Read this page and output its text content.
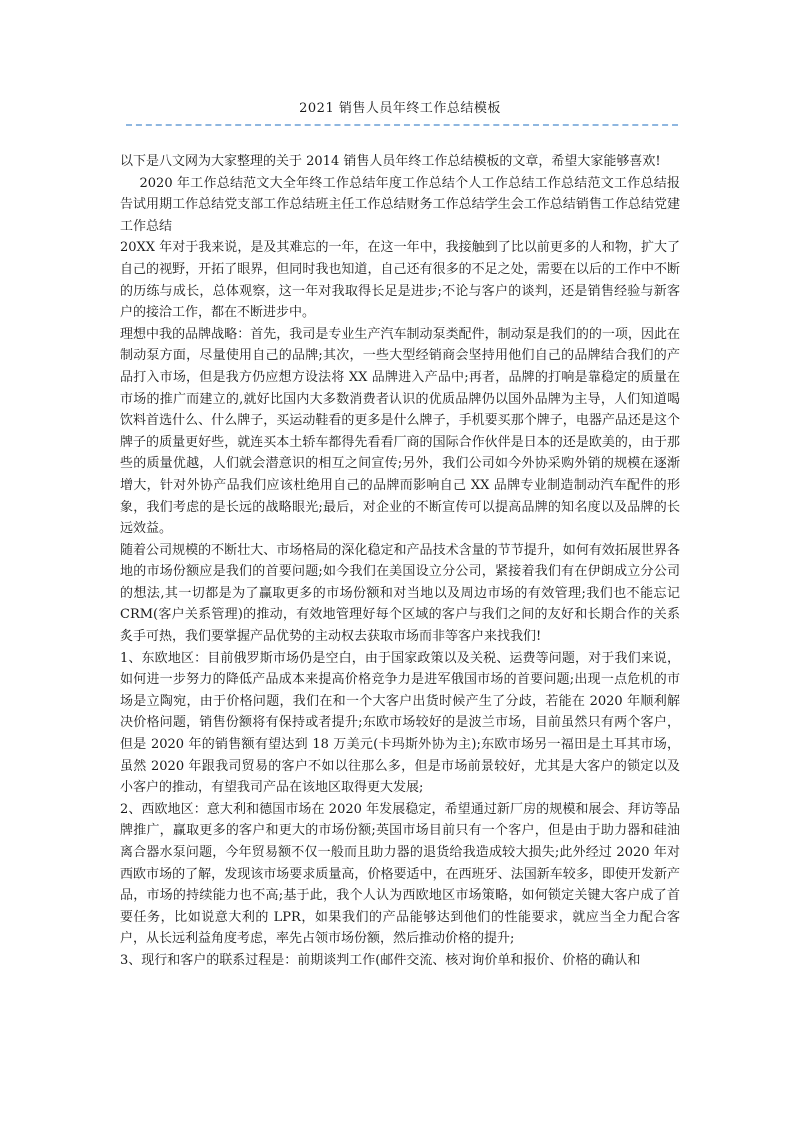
2021 销售人员年终工作总结模板

以下是八文网为大家整理的关于 2014 销售人员年终工作总结模板的文章，希望大家能够喜欢!

2020 年工作总结范文大全年终工作总结年度工作总结个人工作总结工作总结范文工作总结报告试用期工作总结党支部工作总结班主任工作总结财务工作总结学生会工作总结销售工作总结党建工作总结

20XX 年对于我来说，是及其难忘的一年，在这一年中，我接触到了比以前更多的人和物，扩大了自己的视野，开拓了眼界，但同时我也知道，自己还有很多的不足之处，需要在以后的工作中不断的历练与成长，总体观察，这一年对我取得长足是进步;不论与客户的谈判，还是销售经验与新客户的接洽工作，都在不断进步中。

理想中我的品牌战略：首先，我司是专业生产汽车制动泵类配件，制动泵是我们的的一项，因此在制动泵方面，尽量使用自己的品牌;其次，一些大型经销商会坚持用他们自己的品牌结合我们的产品打入市场，但是我方仍应想方设法将 XX 品牌进入产品中;再者，品牌的打响是靠稳定的质量在市场的推广而建立的,就好比国内大多数消费者认识的优质品牌仍以国外品牌为主导，人们知道喝饮料首选什么、什么牌子，买运动鞋看的更多是什么牌子，手机要买那个牌子，电器产品还是这个牌子的质量更好些，就连买本土轿车都得先看看厂商的国际合作伙伴是日本的还是欧美的，由于那些的质量优越，人们就会潜意识的相互之间宣传;另外，我们公司如今外协采购外销的规模在逐渐增大，针对外协产品我们应该杜绝用自己的品牌而影响自己 XX 品牌专业制造制动汽车配件的形象，我们考虑的是长远的战略眼光;最后，对企业的不断宣传可以提高品牌的知名度以及品牌的长远效益。

随着公司规模的不断壮大、市场格局的深化稳定和产品技术含量的节节提升，如何有效拓展世界各地的市场份额应是我们的首要问题;如今我们在美国设立分公司，紧接着我们有在伊朗成立分公司的想法,其一切都是为了赢取更多的市场份额和对当地以及周边市场的有效管理;我们也不能忘记 CRM(客户关系管理)的推动，有效地管理好每个区域的客户与我们之间的友好和长期合作的关系炙手可热，我们要掌握产品优势的主动权去获取市场而非等客户来找我们!

1、东欧地区：目前俄罗斯市场仍是空白，由于国家政策以及关税、运费等问题，对于我们来说，如何进一步努力的降低产品成本来提高价格竞争力是进军俄国市场的首要问题;出现一点危机的市场是立陶宛，由于价格问题，我们在和一个大客户出货时候产生了分歧，若能在 2020 年顺利解决价格问题，销售份额将有保持或者提升;东欧市场较好的是波兰市场，目前虽然只有两个客户，但是 2020 年的销售额有望达到 18 万美元(卡玛斯外协为主);东欧市场另一福田是土耳其市场，虽然 2020 年跟我司贸易的客户不如以往那么多，但是市场前景较好，尤其是大客户的锁定以及小客户的推动，有望我司产品在该地区取得更大发展;

2、西欧地区：意大利和德国市场在 2020 年发展稳定，希望通过新厂房的规模和展会、拜访等品牌推广，赢取更多的客户和更大的市场份额;英国市场目前只有一个客户，但是由于助力器和硅油离合器水泵问题，今年贸易额不仅一般而且助力器的退货给我造成较大损失;此外经过 2020 年对西欧市场的了解，发现该市场要求质量高，价格要适中，在西班牙、法国新车较多，即使开发新产品，市场的持续能力也不高;基于此，我个人认为西欧地区市场策略，如何锁定关键大客户成了首要任务，比如说意大利的 LPR，如果我们的产品能够达到他们的性能要求，就应当全力配合客户，从长远利益角度考虑，率先占领市场份额，然后推动价格的提升;

3、现行和客户的联系过程是：前期谈判工作(邮件交流、核对询价单和报价、价格的确认和
